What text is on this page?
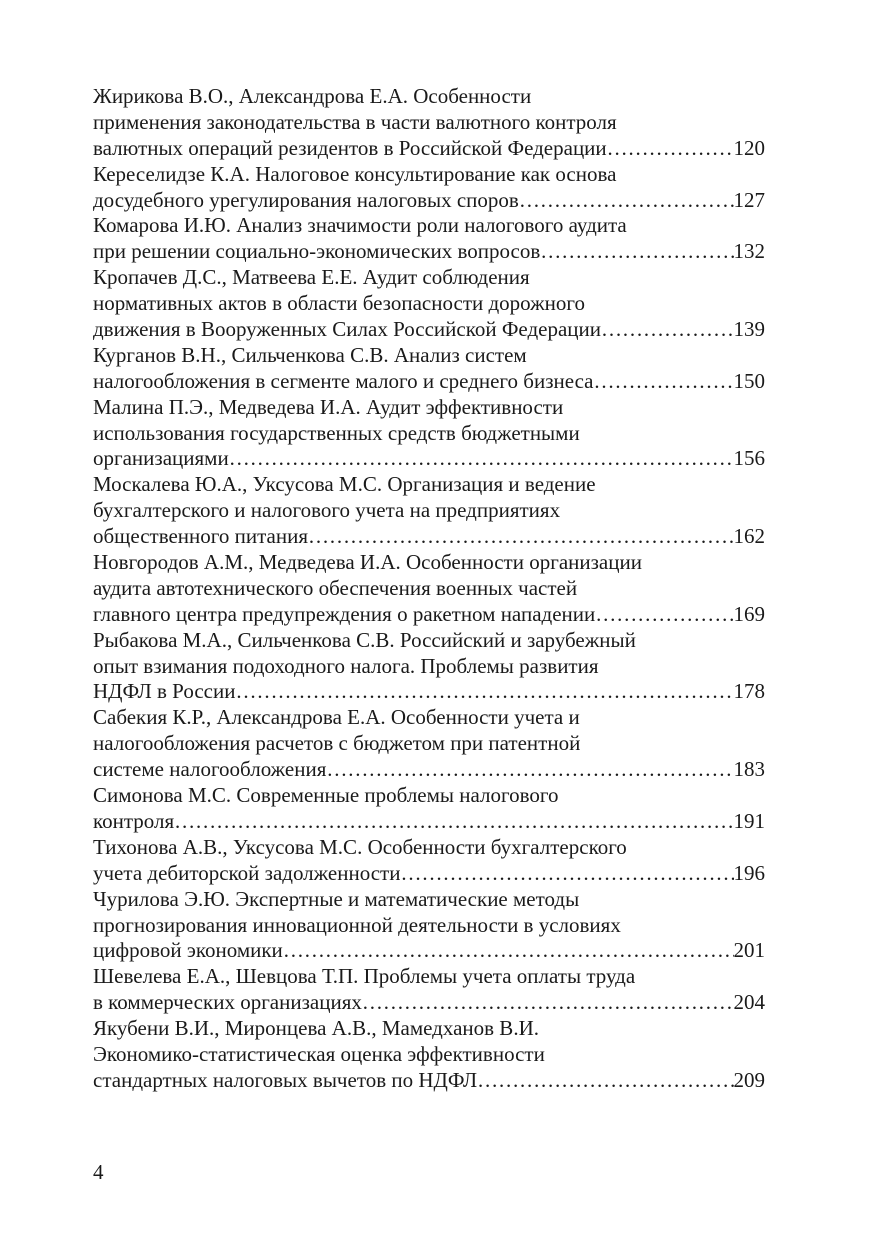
Жирикова В.О., Александрова Е.А. Особенности
применения законодательства в части валютного контроля
валютных операций резидентов в Российской Федерации ……………………………………………………………………………………………………………………………………………………	120
Кереселидзе К.А. Налоговое консультирование как основа
досудебного урегулирования налоговых споров ……………………………………………………………………………………………………………………………………………………	127
Комарова И.Ю. Анализ значимости роли налогового аудита
при решении социально-экономических вопросов ……………………………………………………………………………………………………………………………………………………	132
Кропачев Д.С., Матвеева Е.Е. Аудит соблюдения
нормативных актов в области безопасности дорожного
движения в Вооруженных Силах Российской Федерации ……………………………………………………………………………………………………………………………………………………	139
Курганов В.Н., Сильченкова С.В. Анализ систем
налогообложения в сегменте малого и среднего бизнеса ……………………………………………………………………………………………………………………………………………………	150
Малина П.Э., Медведева И.А. Аудит эффективности
использования государственных средств бюджетными
организациями ……………………………………………………………………………………………………………………………………………………	156
Москалева Ю.А., Уксусова М.С. Организация и ведение
бухгалтерского и налогового учета на предприятиях
общественного питания ……………………………………………………………………………………………………………………………………………………	162
Новгородов А.М., Медведева И.А. Особенности организации
аудита автотехнического обеспечения военных частей
главного центра предупреждения о ракетном нападении ……………………………………………………………………………………………………………………………………………………	169
Рыбакова М.А., Сильченкова С.В. Российский и зарубежный
опыт взимания подоходного налога. Проблемы развития
НДФЛ в России ……………………………………………………………………………………………………………………………………………………	178
Сабекия К.Р., Александрова Е.А. Особенности учета и
налогообложения расчетов с бюджетом при патентной
системе налогообложения ……………………………………………………………………………………………………………………………………………………	183
Симонова М.С. Современные проблемы налогового
контроля ……………………………………………………………………………………………………………………………………………………	191
Тихонова А.В., Уксусова М.С. Особенности бухгалтерского
учета дебиторской задолженности ……………………………………………………………………………………………………………………………………………………	196
Чурилова Э.Ю. Экспертные и математические методы
прогнозирования инновационной деятельности в условиях
цифровой экономики ……………………………………………………………………………………………………………………………………………………	201
Шевелева Е.А., Шевцова Т.П. Проблемы учета оплаты труда
в коммерческих организациях ……………………………………………………………………………………………………………………………………………………	204
Якубени В.И., Миронцева А.В., Мамедханов В.И.
Экономико-статистическая оценка эффективности
стандартных налоговых вычетов по НДФЛ ……………………………………………………………………………………………………………………………………………………	209
4
